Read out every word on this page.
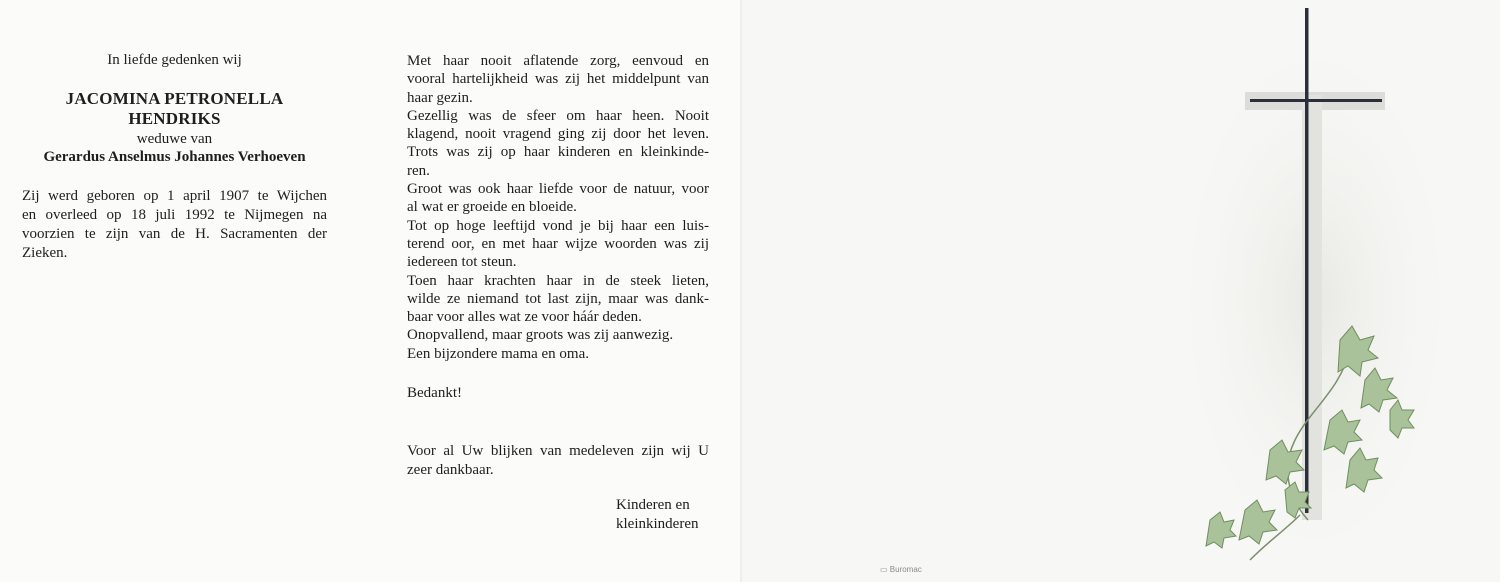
In liefde gedenken wij
JACOMINA PETRONELLA
HENDRIKS
weduwe van
Gerardus Anselmus Johannes Verhoeven
Zij werd geboren op 1 april 1907 te Wijchen
en overleed op 18 juli 1992 te Nijmegen na
voorzien te zijn van de H. Sacramenten der
Zieken.
Met haar nooit aflatende zorg, eenvoud en
vooral hartelijkheid was zij het middelpunt van
haar gezin.
Gezellig was de sfeer om haar heen. Nooit
klagend, nooit vragend ging zij door het leven.
Trots was zij op haar kinderen en kleinkinde-
ren.
Groot was ook haar liefde voor de natuur, voor
al wat er groeide en bloeide.
Tot op hoge leeftijd vond je bij haar een luis-
terend oor, en met haar wijze woorden was zij
iedereen tot steun.
Toen haar krachten haar in de steek lieten,
wilde ze niemand tot last zijn, maar was dank-
baar voor alles wat ze voor háár deden.
Onopvallend, maar groots was zij aanwezig.
Een bijzondere mama en oma.
Bedankt!
Voor al Uw blijken van medeleven zijn wij U
zeer dankbaar.
Kinderen en
kleinkinderen
▭ Buromac
